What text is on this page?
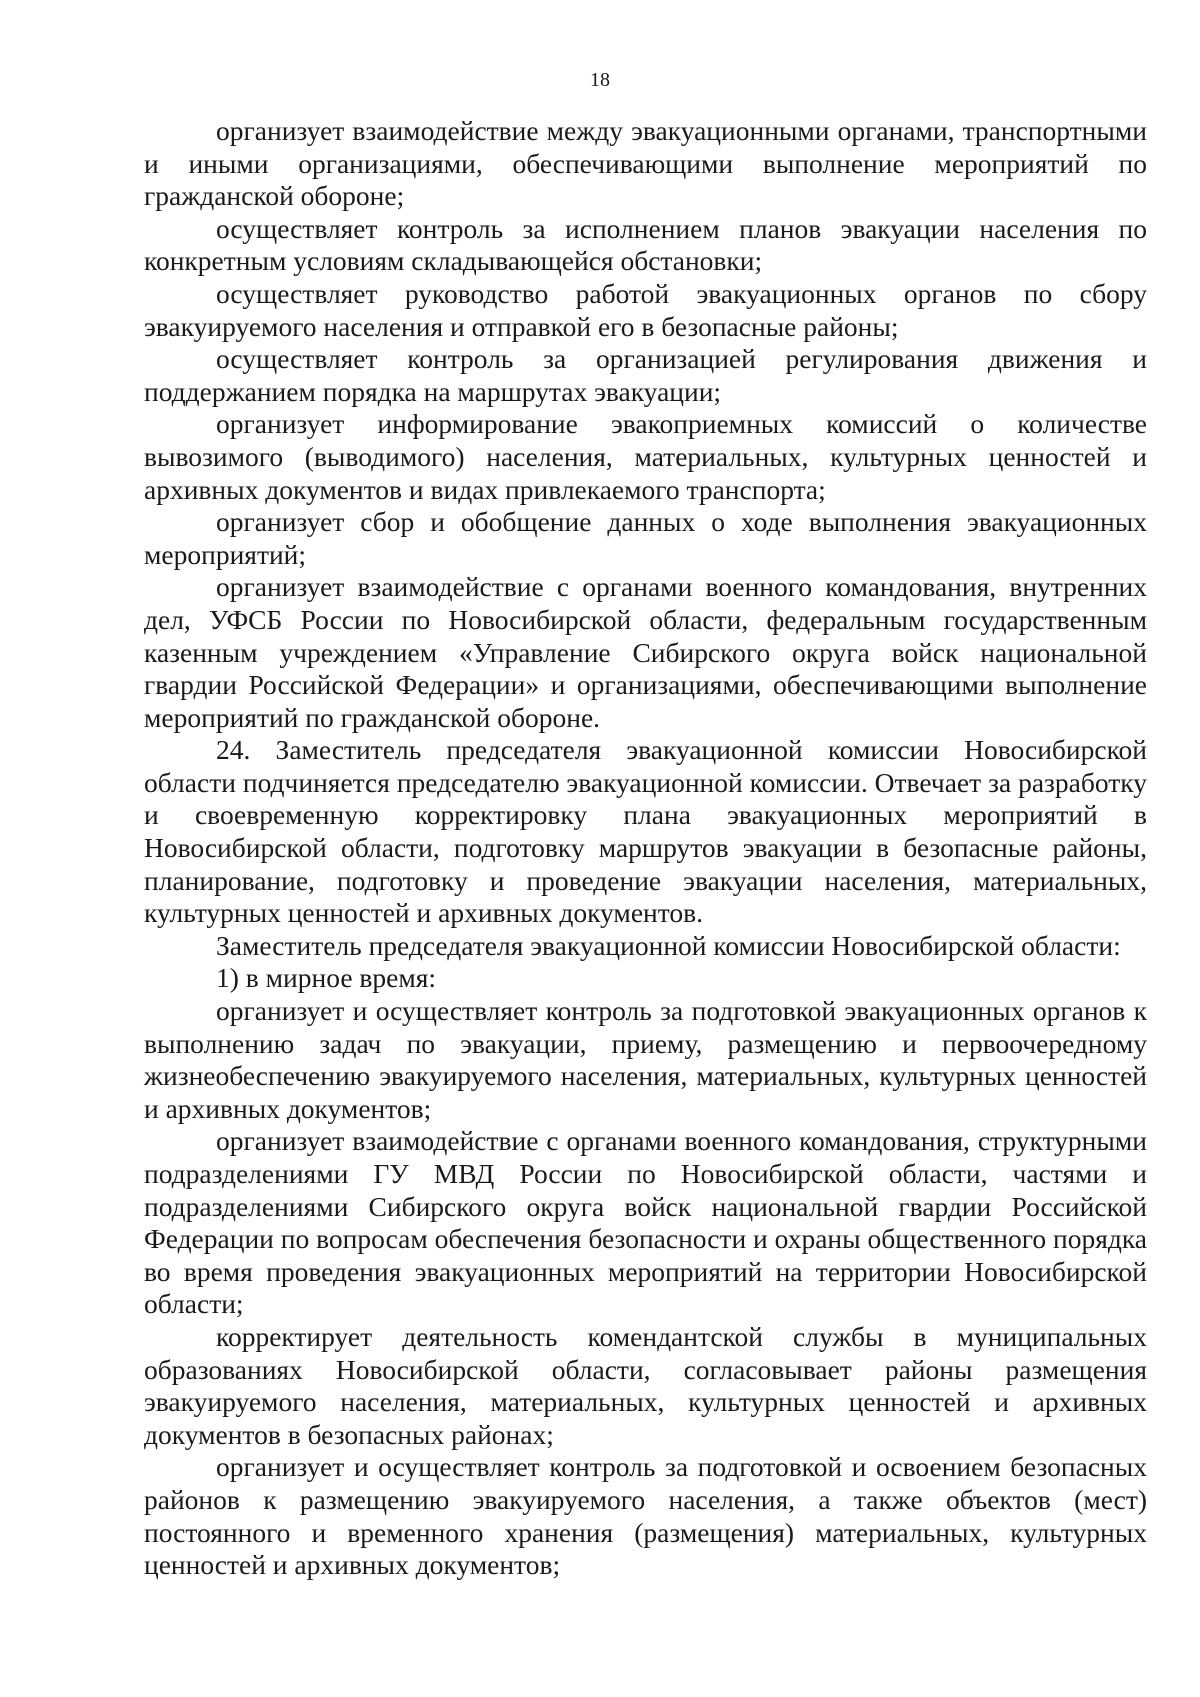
18

организует взаимодействие между эвакуационными органами, транспортными и иными организациями, обеспечивающими выполнение мероприятий по гражданской обороне;

осуществляет контроль за исполнением планов эвакуации населения по конкретным условиям складывающейся обстановки;

осуществляет руководство работой эвакуационных органов по сбору эвакуируемого населения и отправкой его в безопасные районы;

осуществляет контроль за организацией регулирования движения и поддержанием порядка на маршрутах эвакуации;

организует информирование эвакоприемных комиссий о количестве вывозимого (выводимого) населения, материальных, культурных ценностей и архивных документов и видах привлекаемого транспорта;

организует сбор и обобщение данных о ходе выполнения эвакуационных мероприятий;

организует взаимодействие с органами военного командования, внутренних дел, УФСБ России по Новосибирской области, федеральным государственным казенным учреждением «Управление Сибирского округа войск национальной гвардии Российской Федерации» и организациями, обеспечивающими выполнение мероприятий по гражданской обороне.

24. Заместитель председателя эвакуационной комиссии Новосибирской области подчиняется председателю эвакуационной комиссии. Отвечает за разработку и своевременную корректировку плана эвакуационных мероприятий в Новосибирской области, подготовку маршрутов эвакуации в безопасные районы, планирование, подготовку и проведение эвакуации населения, материальных, культурных ценностей и архивных документов.

Заместитель председателя эвакуационной комиссии Новосибирской области:

1) в мирное время:

организует и осуществляет контроль за подготовкой эвакуационных органов к выполнению задач по эвакуации, приему, размещению и первоочередному жизнеобеспечению эвакуируемого населения, материальных, культурных ценностей и архивных документов;

организует взаимодействие с органами военного командования, структурными подразделениями ГУ МВД России по Новосибирской области, частями и подразделениями Сибирского округа войск национальной гвардии Российской Федерации по вопросам обеспечения безопасности и охраны общественного порядка во время проведения эвакуационных мероприятий на территории Новосибирской области;

корректирует деятельность комендантской службы в муниципальных образованиях Новосибирской области, согласовывает районы размещения эвакуируемого населения, материальных, культурных ценностей и архивных документов в безопасных районах;

организует и осуществляет контроль за подготовкой и освоением безопасных районов к размещению эвакуируемого населения, а также объектов (мест) постоянного и временного хранения (размещения) материальных, культурных ценностей и архивных документов;
